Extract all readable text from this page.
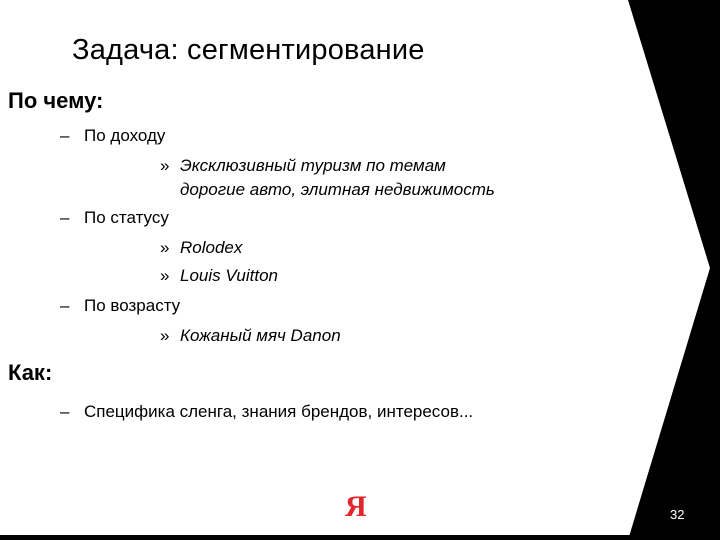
Задача: сегментирование
По чему:
– По доходу
» Эксклюзивный туризм по темам
дорогие авто, элитная недвижимость
– По статусу
» Rolodex
» Louis Vuitton
– По возрасту
» Кожаный мяч Danon
Как:
– Специфика сленга, знания брендов, интересов...
Я	32
